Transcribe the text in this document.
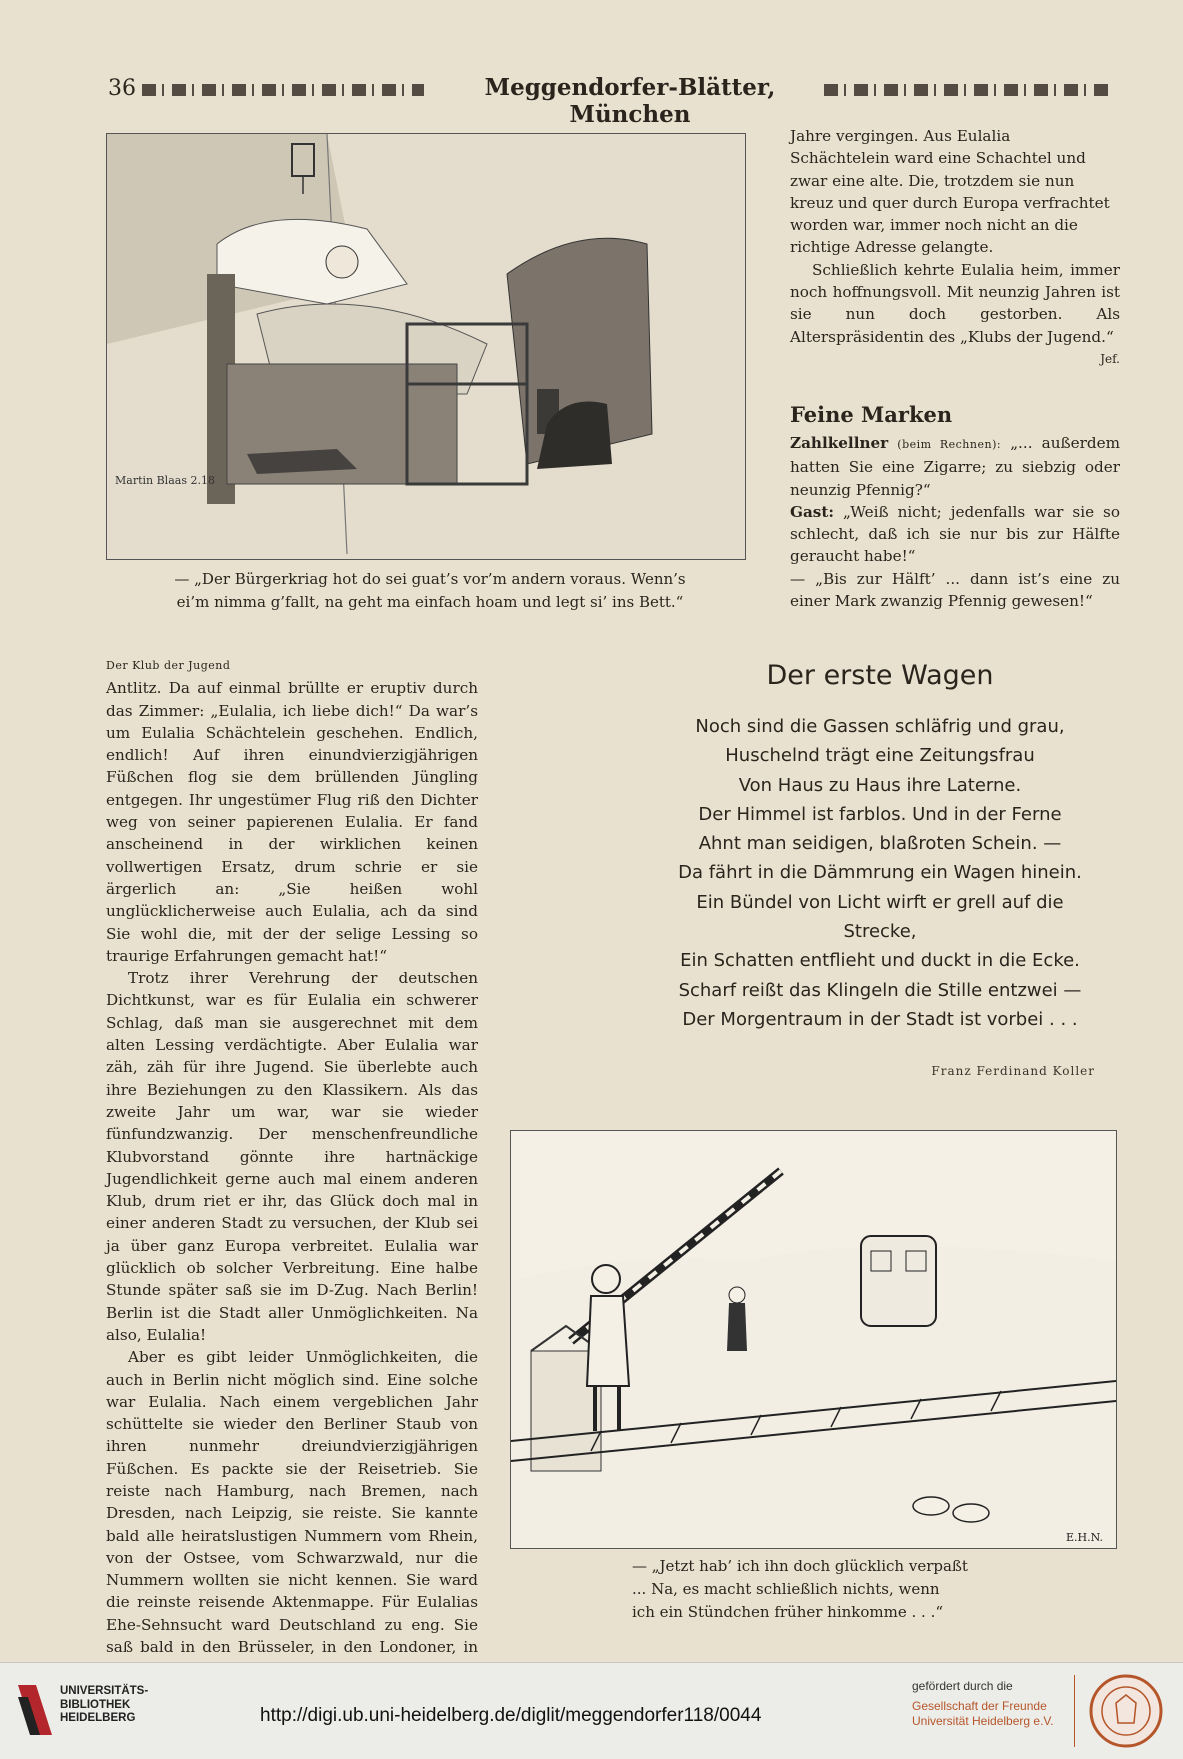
36	Meggendorfer-Blätter, München
Martin Blaas 2.18
— „Der Bürgerkriag hot do sei guat’s vor’m andern voraus. Wenn’s
ei’m nimma g’fallt, na geht ma einfach hoam und legt si’ ins Bett.“
Jahre vergingen. Aus Eulalia
Schächtelein ward eine Schachtel und
zwar eine alte. Die, trotzdem sie nun
kreuz und quer durch Europa verfrachtet
worden war, immer noch nicht an die
richtige Adresse gelangte.

Schließlich kehrte Eulalia heim, immer noch hoffnungsvoll. Mit neunzig Jahren ist sie nun doch gestorben. Als Alterspräsidentin des „Klubs der Jugend.“

Jef.
Feine Marken

Zahlkellner (beim Rechnen): „... außerdem hatten Sie eine Zigarre; zu siebzig oder neunzig Pfennig?“

Gast: „Weiß nicht; jedenfalls war sie so schlecht, daß ich sie nur bis zur Hälfte geraucht habe!“

— „Bis zur Hälft’ ... dann ist’s eine zu einer Mark zwanzig Pfennig gewesen!“

Der Klub der Jugend

Antlitz. Da auf einmal brüllte er eruptiv durch das Zimmer: „Eulalia, ich liebe dich!“ Da war’s um Eulalia Schächtelein geschehen. Endlich, endlich! Auf ihren einundvierzigjährigen Füßchen flog sie dem brüllenden Jüngling entgegen. Ihr ungestümer Flug riß den Dichter weg von seiner papierenen Eulalia. Er fand anscheinend in der wirklichen keinen vollwertigen Ersatz, drum schrie er sie ärgerlich an: „Sie heißen wohl unglücklicherweise auch Eulalia, ach da sind Sie wohl die, mit der der selige Lessing so traurige Erfahrungen gemacht hat!“

Trotz ihrer Verehrung der deutschen Dichtkunst, war es für Eulalia ein schwerer Schlag, daß man sie ausgerechnet mit dem alten Lessing verdächtigte. Aber Eulalia war zäh, zäh für ihre Jugend. Sie überlebte auch ihre Beziehungen zu den Klassikern. Als das zweite Jahr um war, war sie wieder fünfundzwanzig. Der menschenfreundliche Klubvorstand gönnte ihre hartnäckige Jugendlichkeit gerne auch mal einem anderen Klub, drum riet er ihr, das Glück doch mal in einer anderen Stadt zu versuchen, der Klub sei ja über ganz Europa verbreitet. Eulalia war glücklich ob solcher Verbreitung. Eine halbe Stunde später saß sie im D-Zug. Nach Berlin! Berlin ist die Stadt aller Unmöglichkeiten. Na also, Eulalia!

Aber es gibt leider Unmöglichkeiten, die auch in Berlin nicht möglich sind. Eine solche war Eulalia. Nach einem vergeblichen Jahr schüttelte sie wieder den Berliner Staub von ihren nunmehr dreiundvierzigjährigen Füßchen. Es packte sie der Reisetrieb. Sie reiste nach Hamburg, nach Bremen, nach Dresden, nach Leipzig, sie reiste. Sie kannte bald alle heiratslustigen Nummern vom Rhein, von der Ostsee, vom Schwarzwald, nur die Nummern wollten sie nicht kennen. Sie ward die reinste reisende Aktenmappe. Für Eulalias Ehe-Sehnsucht ward Deutschland zu eng. Sie saß bald in den Brüsseler, in den Londoner, in

Der erste Wagen
Noch sind die Gassen schläfrig und grau,
Huschelnd trägt eine Zeitungsfrau
Von Haus zu Haus ihre Laterne.
Der Himmel ist farblos. Und in der Ferne
Ahnt man seidigen, blaßroten Schein. —
Da fährt in die Dämmrung ein Wagen hinein.
Ein Bündel von Licht wirft er grell auf die
Strecke,
Ein Schatten entflieht und duckt in die Ecke.
Scharf reißt das Klingeln die Stille entzwei —
Der Morgentraum in der Stadt ist vorbei . . .
Franz Ferdinand Koller
E.H.N.
— „Jetzt hab’ ich ihn doch glücklich verpaßt
... Na, es macht schließlich nichts, wenn
ich ein Stündchen früher hinkomme . . .“
UNIVERSITÄTS-
BIBLIOTHEK
HEIDELBERG	http://digi.ub.uni-heidelberg.de/diglit/meggendorfer118/0044
gefördert durch die
Gesellschaft der Freunde
Universität Heidelberg e.V.
